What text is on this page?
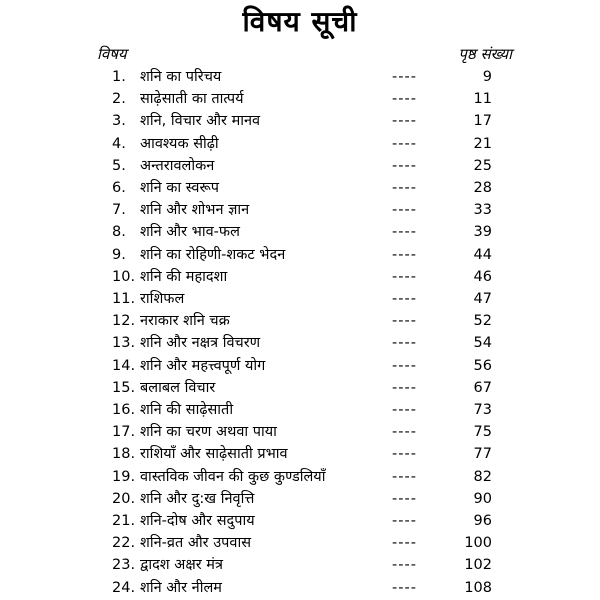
विषय सूची
विषय	पृष्ठ संख्या
1. शनि का परिचय	----	9
2. साढ़ेसाती का तात्पर्य	----	11
3. शनि, विचार और मानव	----	17
4. आवश्यक सीढ़ी	----	21
5. अन्तरावलोकन	----	25
6. शनि का स्वरूप	----	28
7. शनि और शोभन ज्ञान	----	33
8. शनि और भाव-फल	----	39
9. शनि का रोहिणी-शकट भेदन	----	44
10. शनि की महादशा	----	46
11. राशिफल	----	47
12. नराकार शनि चक्र	----	52
13. शनि और नक्षत्र विचरण	----	54
14. शनि और महत्त्वपूर्ण योग	----	56
15. बलाबल विचार	----	67
16. शनि की साढ़ेसाती	----	73
17. शनि का चरण अथवा पाया	----	75
18. राशियाँ और साढ़ेसाती प्रभाव	----	77
19. वास्तविक जीवन की कुछ कुण्डलियाँ	----	82
20. शनि और दु:ख निवृत्ति	----	90
21. शनि-दोष और सदुपाय	----	96
22. शनि-व्रत और उपवास	----	100
23. द्वादश अक्षर मंत्र	----	102
24. शनि और नीलम	----	108
